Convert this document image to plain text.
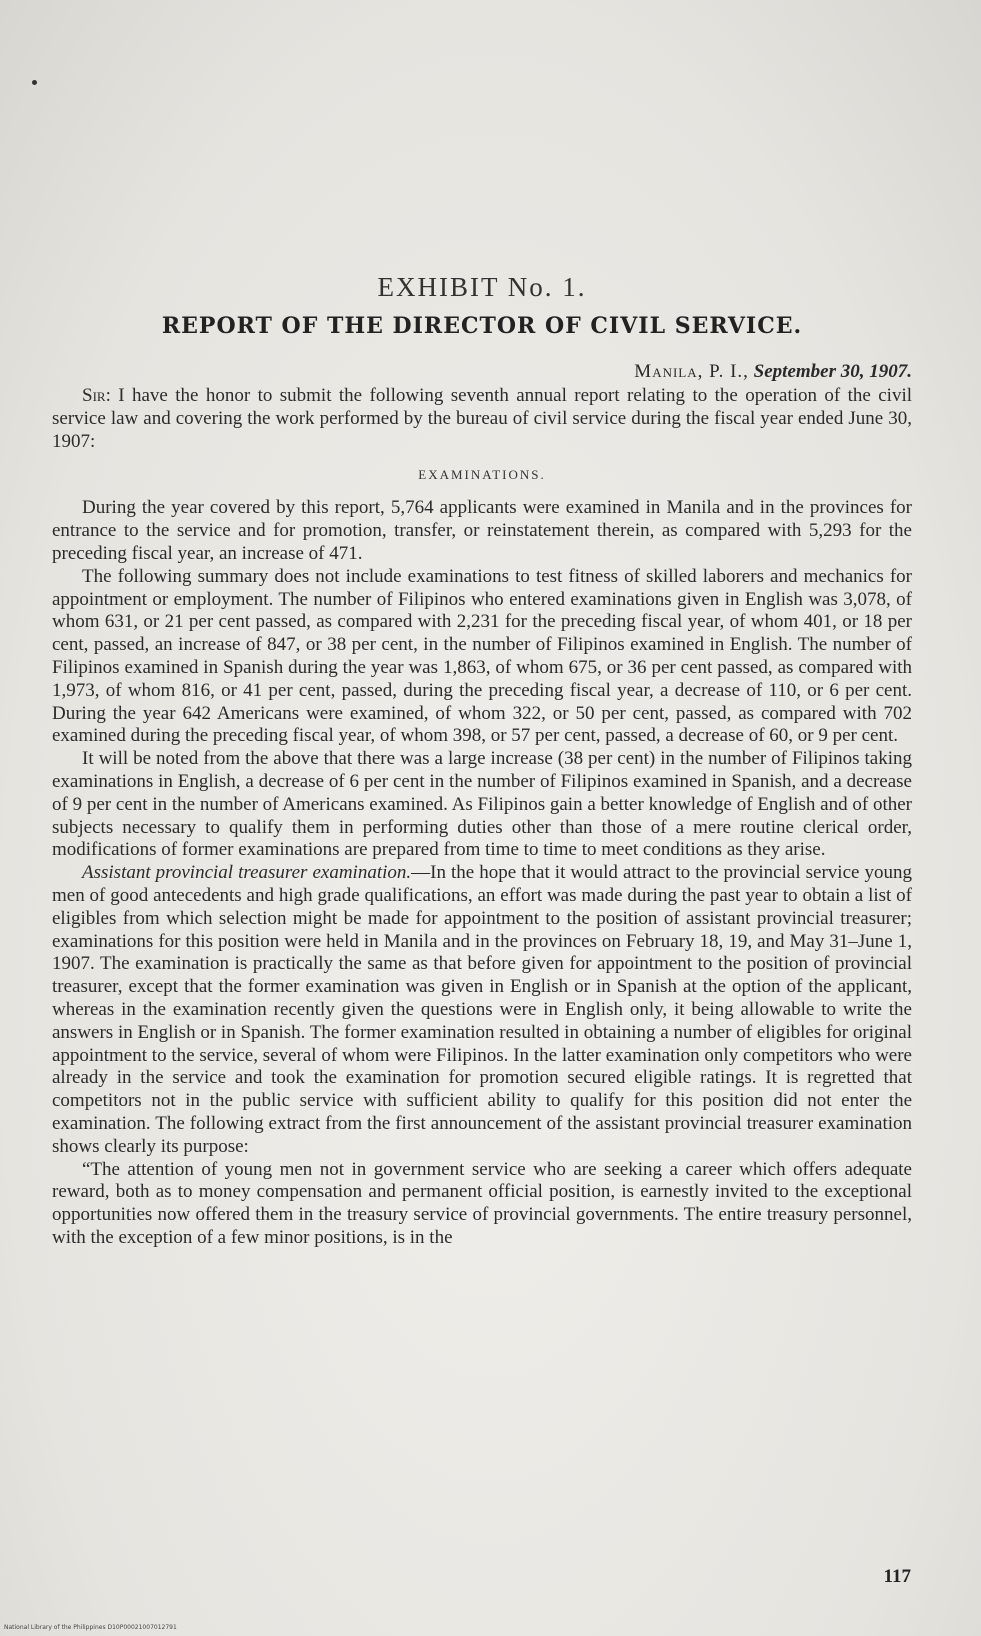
EXHIBIT No. 1.
REPORT OF THE DIRECTOR OF CIVIL SERVICE.
Manila, P. I., September 30, 1907.

Sir: I have the honor to submit the following seventh annual report relating to the operation of the civil service law and covering the work performed by the bureau of civil service during the fiscal year ended June 30, 1907:

EXAMINATIONS.

During the year covered by this report, 5,764 applicants were examined in Manila and in the provinces for entrance to the service and for promotion, transfer, or reinstatement therein, as compared with 5,293 for the preceding fiscal year, an increase of 471.

The following summary does not include examinations to test fitness of skilled laborers and mechanics for appointment or employment. The number of Filipinos who entered examinations given in English was 3,078, of whom 631, or 21 per cent passed, as compared with 2,231 for the preceding fiscal year, of whom 401, or 18 per cent, passed, an increase of 847, or 38 per cent, in the number of Filipinos examined in English. The number of Filipinos examined in Spanish during the year was 1,863, of whom 675, or 36 per cent passed, as compared with 1,973, of whom 816, or 41 per cent, passed, during the preceding fiscal year, a decrease of 110, or 6 per cent. During the year 642 Americans were examined, of whom 322, or 50 per cent, passed, as compared with 702 examined during the preceding fiscal year, of whom 398, or 57 per cent, passed, a decrease of 60, or 9 per cent.

It will be noted from the above that there was a large increase (38 per cent) in the number of Filipinos taking examinations in English, a decrease of 6 per cent in the number of Filipinos examined in Spanish, and a decrease of 9 per cent in the number of Americans examined. As Filipinos gain a better knowledge of English and of other subjects necessary to qualify them in performing duties other than those of a mere routine clerical order, modifications of former examinations are prepared from time to time to meet conditions as they arise.

Assistant provincial treasurer examination.—In the hope that it would attract to the provincial service young men of good antecedents and high grade qualifications, an effort was made during the past year to obtain a list of eligibles from which selection might be made for appointment to the position of assistant provincial treasurer; examinations for this position were held in Manila and in the provinces on February 18, 19, and May 31–June 1, 1907. The examination is practically the same as that before given for appointment to the position of provincial treasurer, except that the former examination was given in English or in Spanish at the option of the applicant, whereas in the examination recently given the questions were in English only, it being allowable to write the answers in English or in Spanish. The former examination resulted in obtaining a number of eligibles for original appointment to the service, several of whom were Filipinos. In the latter examination only competitors who were already in the service and took the examination for promotion secured eligible ratings. It is regretted that competitors not in the public service with sufficient ability to qualify for this position did not enter the examination. The following extract from the first announcement of the assistant provincial treasurer examination shows clearly its purpose:

“The attention of young men not in government service who are seeking a career which offers adequate reward, both as to money compensation and permanent official position, is earnestly invited to the exceptional opportunities now offered them in the treasury service of provincial governments. The entire treasury personnel, with the exception of a few minor positions, is in the

117
National Library of the Philippines D10P00021007012791
